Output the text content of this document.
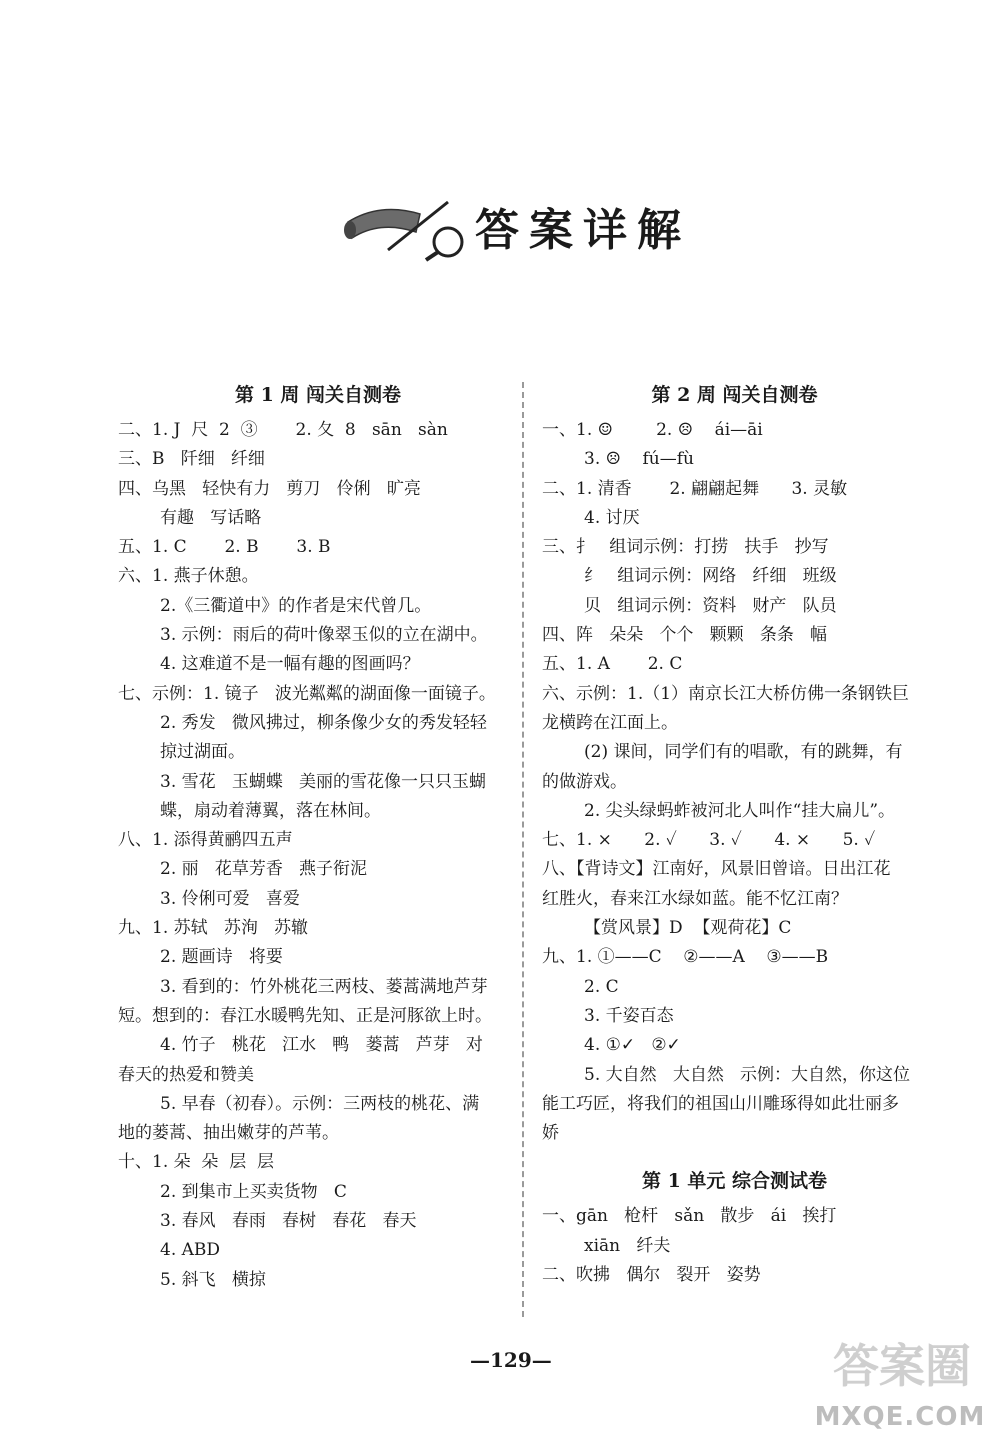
答案详解
第 1 周 闯关自测卷
二、1. J  尺  2  ③       2. 夂  8   sān   sàn
三、B   阡细   纤细
四、乌黑   轻快有力   剪刀   伶俐   旷亮
有趣   写话略
五、1. C       2. B       3. B
六、1. 燕子休憩。
2.《三衢道中》的作者是宋代曾几。
3. 示例：雨后的荷叶像翠玉似的立在湖中。
4. 这难道不是一幅有趣的图画吗？
七、示例：1. 镜子   波光粼粼的湖面像一面镜子。
2. 秀发   微风拂过，柳条像少女的秀发轻轻
掠过湖面。
3. 雪花   玉蝴蝶   美丽的雪花像一只只玉蝴
蝶，扇动着薄翼，落在林间。
八、1. 添得黄鹂四五声
2. 丽   花草芳香   燕子衔泥
3. 伶俐可爱   喜爱
九、1. 苏轼   苏洵   苏辙
2. 题画诗   将要
3. 看到的：竹外桃花三两枝、蒌蒿满地芦芽
短。想到的：春江水暖鸭先知、正是河豚欲上时。
4. 竹子   桃花   江水   鸭   蒌蒿   芦芽   对
春天的热爱和赞美
5. 早春（初春）。示例：三两枝的桃花、满
地的蒌蒿、抽出嫩芽的芦苇。
十、1. 朵  朵  层  层
2. 到集市上买卖货物   C
3. 春风   春雨   春树   春花   春天
4. ABD
5. 斜飞   横掠
第 2 周 闯关自测卷
一、1. ☺        2. ☹    ái—āi
3. ☹    fú—fù
二、1. 清香       2. 翩翩起舞      3. 灵敏
4. 讨厌
三、扌   组词示例：打捞   扶手   抄写
纟   组词示例：网络   纤细   班级
贝   组词示例：资料   财产   队员
四、阵   朵朵   个个   颗颗   条条   幅
五、1. A       2. C
六、示例：1.（1）南京长江大桥仿佛一条钢铁巨
龙横跨在江面上。
(2) 课间，同学们有的唱歌，有的跳舞，有
的做游戏。
2. 尖头绿蚂蚱被河北人叫作“挂大扁儿”。
七、1. ×      2. ✓      3. ✓      4. ×      5. ✓
八、【背诗文】江南好，风景旧曾谙。日出江花
红胜火，春来江水绿如蓝。能不忆江南？
【赏风景】D  【观荷花】C
九、1. ①——C    ②——A    ③——B
2. C
3. 千姿百态
4. ①✓   ②✓
5. 大自然   大自然   示例：大自然，你这位
能工巧匠，将我们的祖国山川雕琢得如此壮丽多
娇
第 1 单元 综合测试卷
一、gān   枪杆   sǎn   散步   ái   挨打
xiān   纤夫
二、吹拂   偶尔   裂开   姿势
—129—	答案圈
MXQE.COM
